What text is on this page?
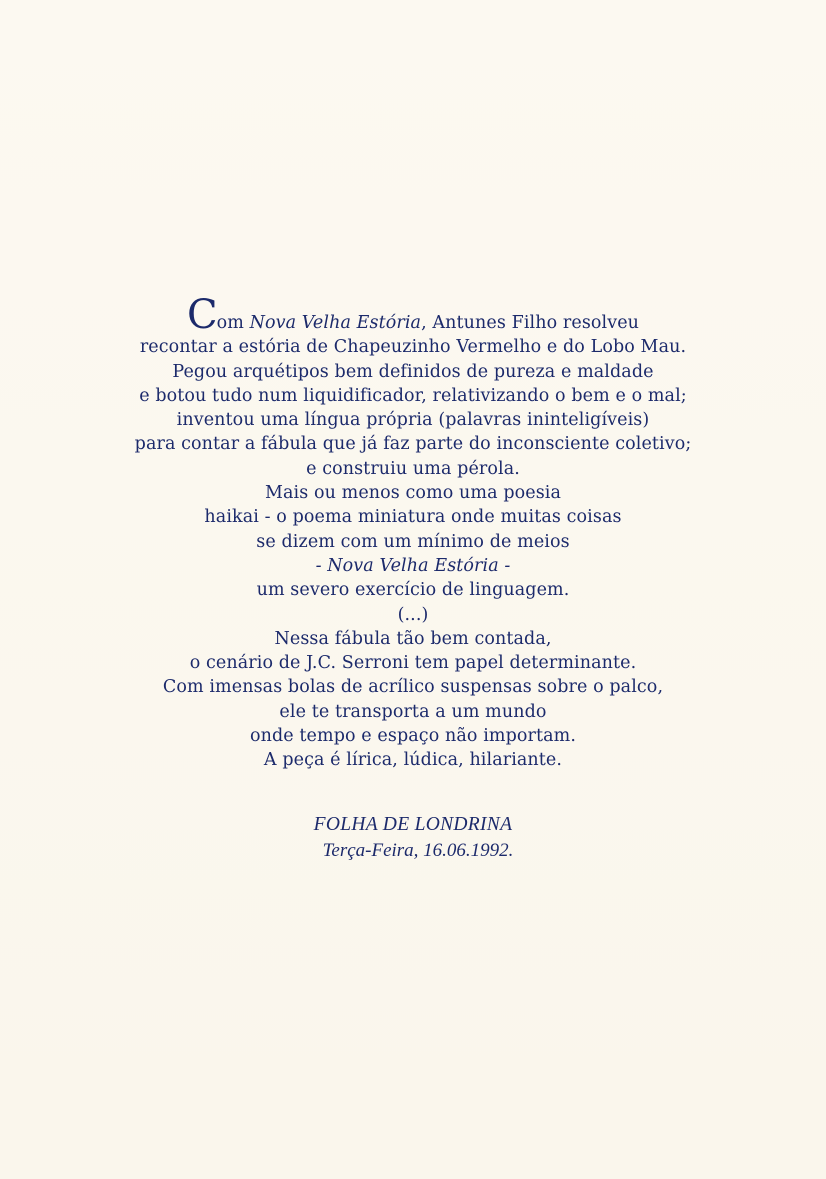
Com Nova Velha Estória, Antunes Filho resolveu
recontar a estória de Chapeuzinho Vermelho e do Lobo Mau.
Pegou arquétipos bem definidos de pureza e maldade
e botou tudo num liquidificador, relativizando o bem e o mal;
inventou uma língua própria (palavras ininteligíveis)
para contar a fábula que já faz parte do inconsciente coletivo;
e construiu uma pérola.
Mais ou menos como uma poesia
haikai - o poema miniatura onde muitas coisas
se dizem com um mínimo de meios
- Nova Velha Estória -
um severo exercício de linguagem.
(...)
Nessa fábula tão bem contada,
o cenário de J.C. Serroni tem papel determinante.
Com imensas bolas de acrílico suspensas sobre o palco,
ele te transporta a um mundo
onde tempo e espaço não importam.
A peça é lírica, lúdica, hilariante.
FOLHA DE LONDRINA
Terça-Feira, 16.06.1992.
